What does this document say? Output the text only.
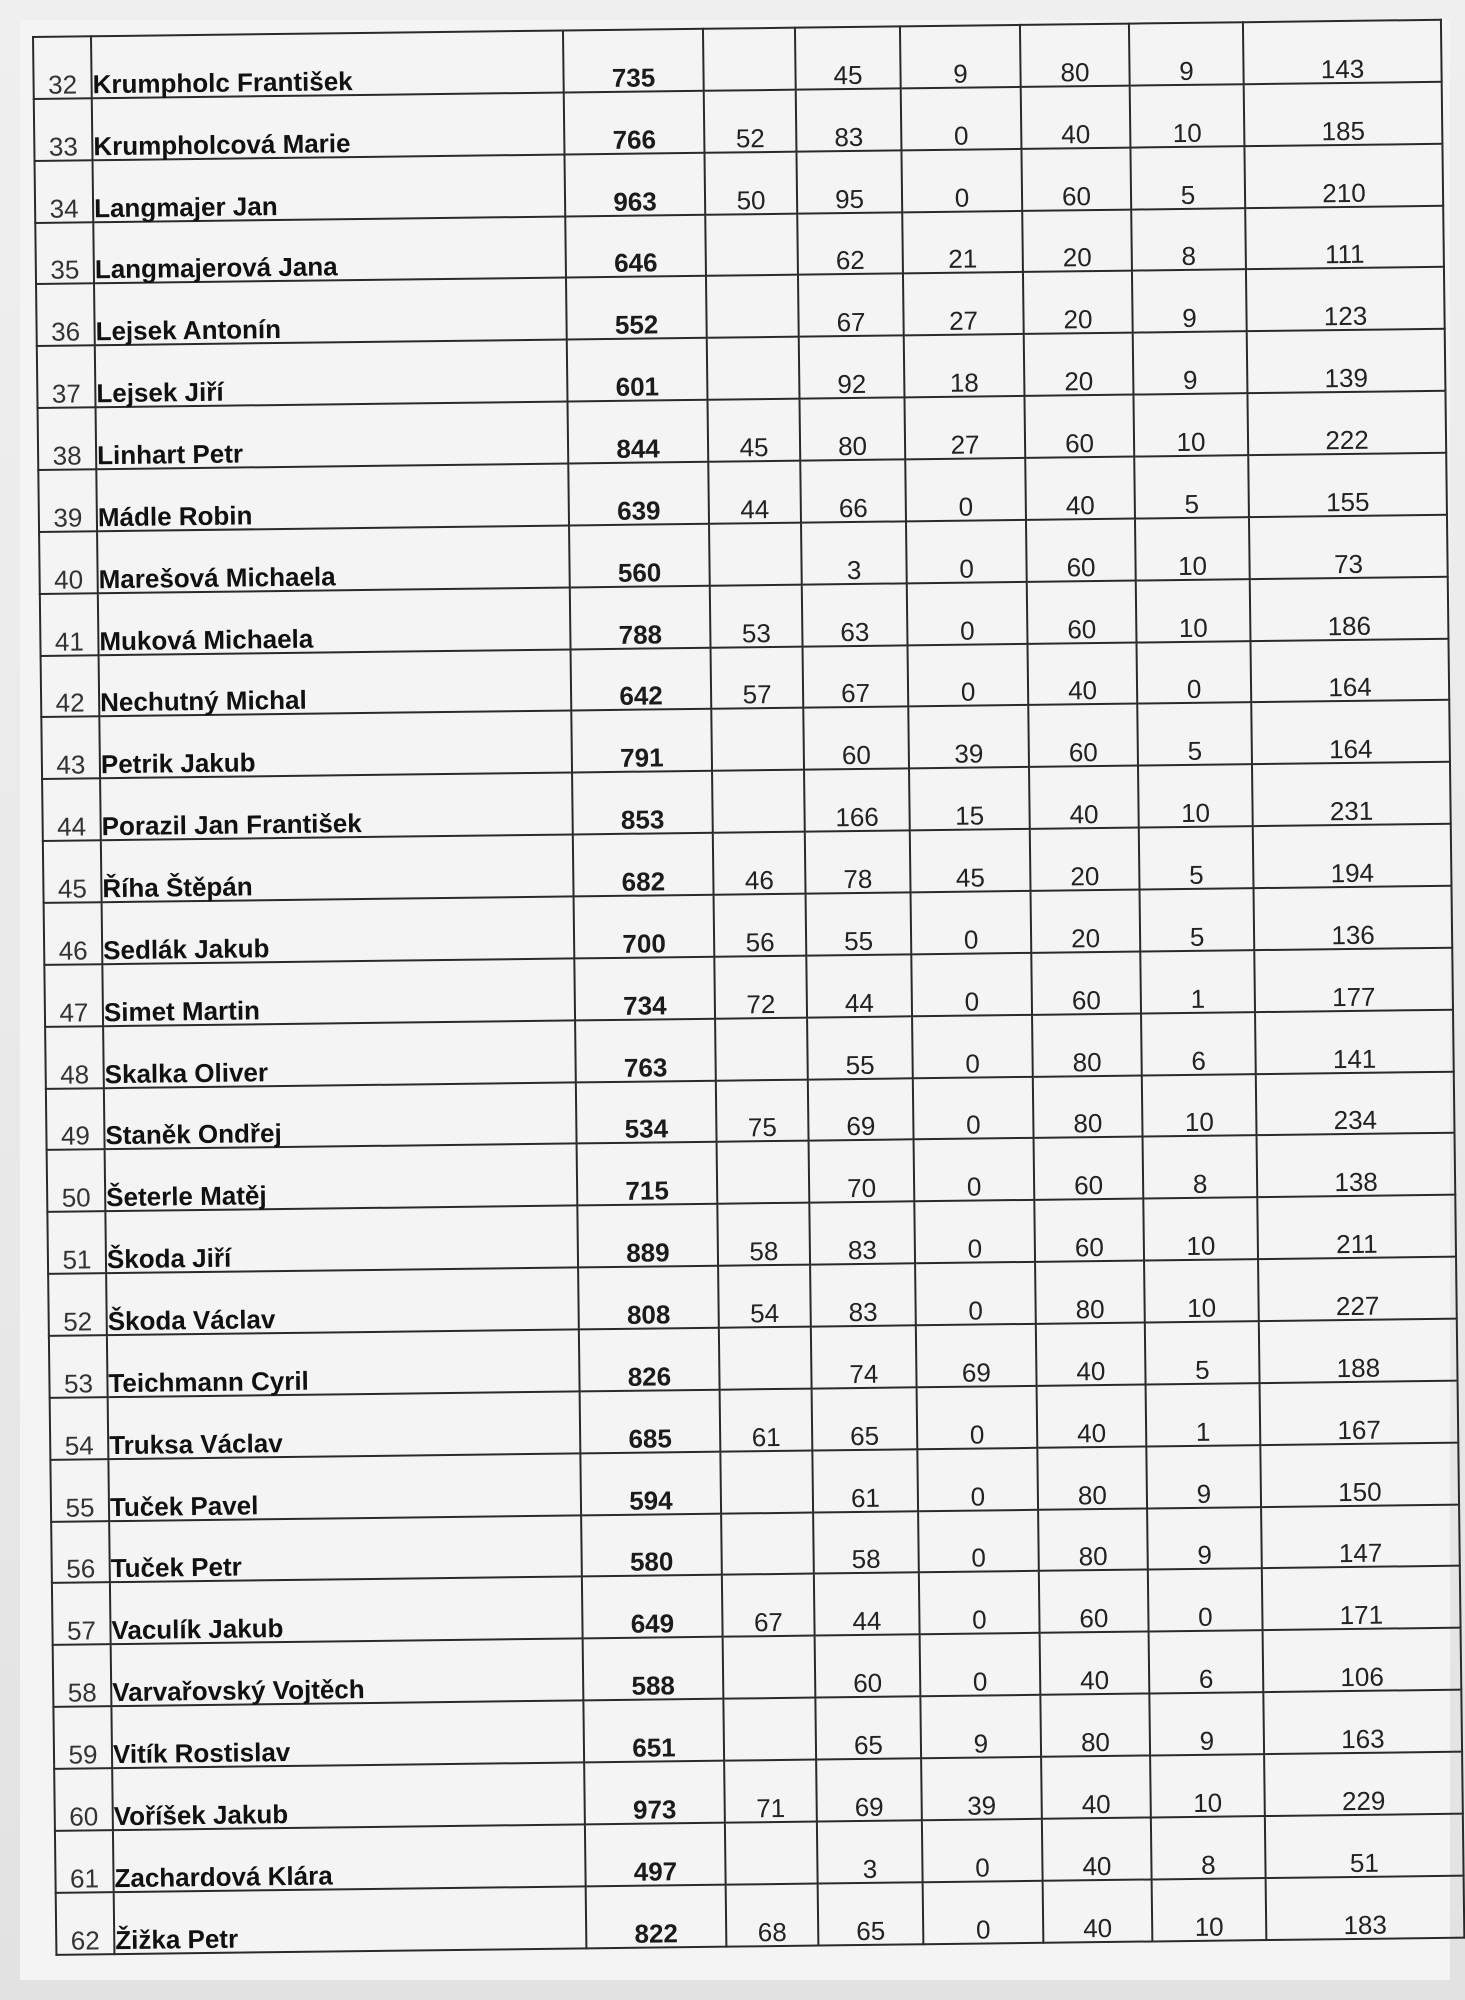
32	Krumpholc František	735		45	9	80	9	143
33	Krumpholcová Marie	766	52	83	0	40	10	185
34	Langmajer Jan	963	50	95	0	60	5	210
35	Langmajerová Jana	646		62	21	20	8	111
36	Lejsek Antonín	552		67	27	20	9	123
37	Lejsek Jiří	601		92	18	20	9	139
38	Linhart Petr	844	45	80	27	60	10	222
39	Mádle Robin	639	44	66	0	40	5	155
40	Marešová Michaela	560		3	0	60	10	73
41	Muková Michaela	788	53	63	0	60	10	186
42	Nechutný Michal	642	57	67	0	40	0	164
43	Petrik Jakub	791		60	39	60	5	164
44	Porazil Jan František	853		166	15	40	10	231
45	Říha Štěpán	682	46	78	45	20	5	194
46	Sedlák Jakub	700	56	55	0	20	5	136
47	Simet Martin	734	72	44	0	60	1	177
48	Skalka Oliver	763		55	0	80	6	141
49	Staněk Ondřej	534	75	69	0	80	10	234
50	Šeterle Matěj	715		70	0	60	8	138
51	Škoda Jiří	889	58	83	0	60	10	211
52	Škoda Václav	808	54	83	0	80	10	227
53	Teichmann Cyril	826		74	69	40	5	188
54	Truksa Václav	685	61	65	0	40	1	167
55	Tuček Pavel	594		61	0	80	9	150
56	Tuček Petr	580		58	0	80	9	147
57	Vaculík Jakub	649	67	44	0	60	0	171
58	Varvařovský Vojtěch	588		60	0	40	6	106
59	Vitík Rostislav	651		65	9	80	9	163
60	Voříšek Jakub	973	71	69	39	40	10	229
61	Zachardová Klára	497		3	0	40	8	51
62	Žižka Petr	822	68	65	0	40	10	183
